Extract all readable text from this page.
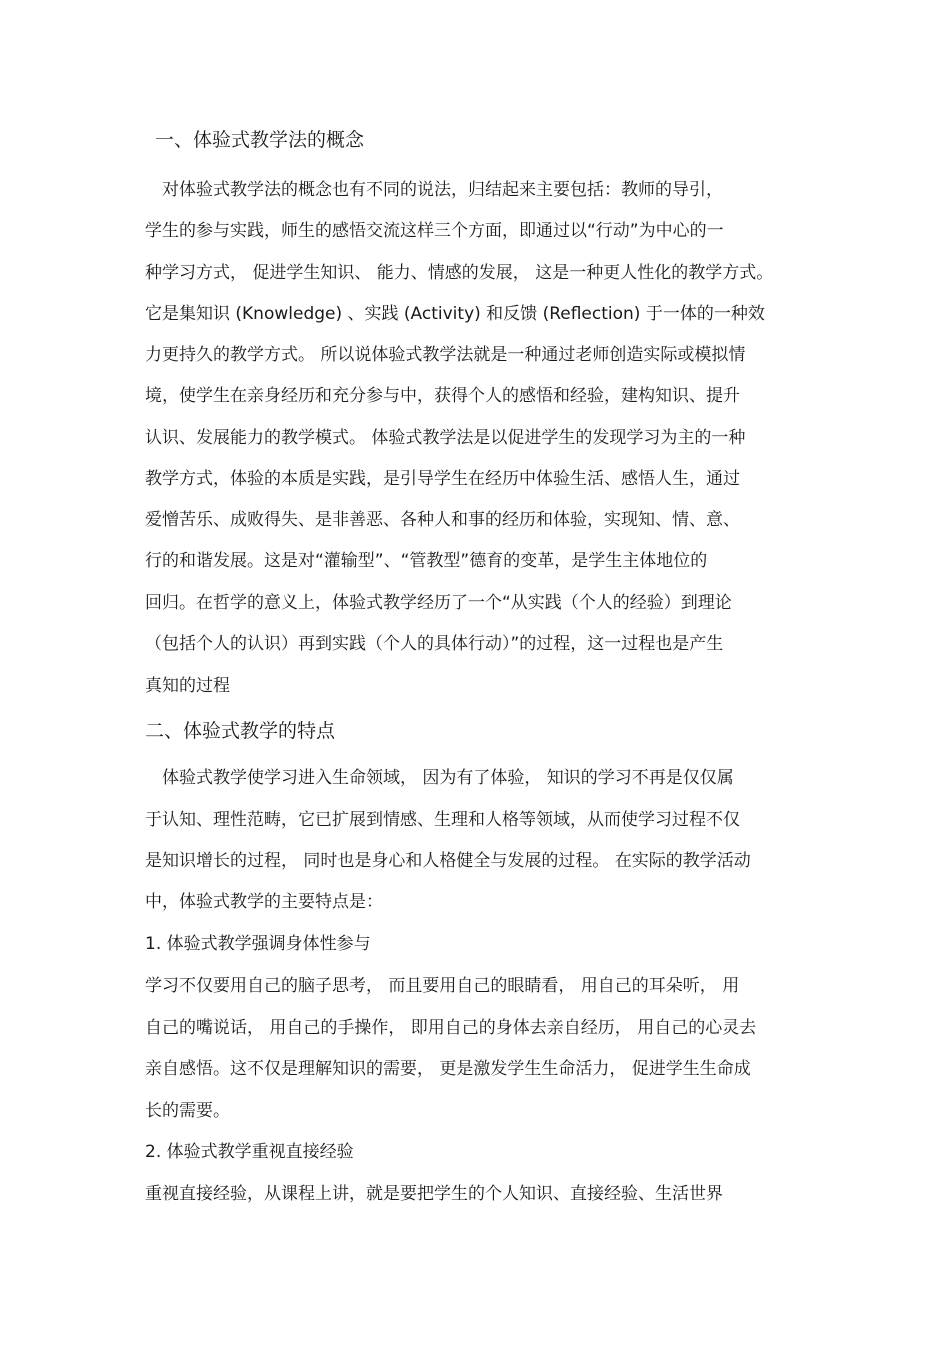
一、体验式教学法的概念
　对体验式教学法的概念也有不同的说法，归结起来主要包括：教师的导引，
学生的参与实践，师生的感悟交流这样三个方面，即通过以“行动”为中心的一
种学习方式， 促进学生知识、 能力、情感的发展， 这是一种更人性化的教学方式。
它是集知识 (Knowledge) 、实践 (Activity) 和反馈 (Reflection) 于一体的一种效
力更持久的教学方式。 所以说体验式教学法就是一种通过老师创造实际或模拟情
境，使学生在亲身经历和充分参与中，获得个人的感悟和经验，建构知识、提升
认识、发展能力的教学模式。 体验式教学法是以促进学生的发现学习为主的一种
教学方式，体验的本质是实践，是引导学生在经历中体验生活、感悟人生，通过
爱憎苦乐、成败得失、是非善恶、各种人和事的经历和体验，实现知、情、意、
行的和谐发展。这是对“灌输型”、“管教型”德育的变革，是学生主体地位的
回归。在哲学的意义上，体验式教学经历了一个“从实践（个人的经验）到理论
（包括个人的认识）再到实践（个人的具体行动）”的过程，这一过程也是产生
真知的过程
二、体验式教学的特点
　体验式教学使学习进入生命领域， 因为有了体验， 知识的学习不再是仅仅属
于认知、理性范畴，它已扩展到情感、生理和人格等领域，从而使学习过程不仅
是知识增长的过程， 同时也是身心和人格健全与发展的过程。 在实际的教学活动
中，体验式教学的主要特点是：
1. 体验式教学强调身体性参与
学习不仅要用自己的脑子思考， 而且要用自己的眼睛看， 用自己的耳朵听， 用
自己的嘴说话， 用自己的手操作， 即用自己的身体去亲自经历， 用自己的心灵去
亲自感悟。这不仅是理解知识的需要， 更是激发学生生命活力， 促进学生生命成
长的需要。
2. 体验式教学重视直接经验
重视直接经验，从课程上讲，就是要把学生的个人知识、直接经验、生活世界
